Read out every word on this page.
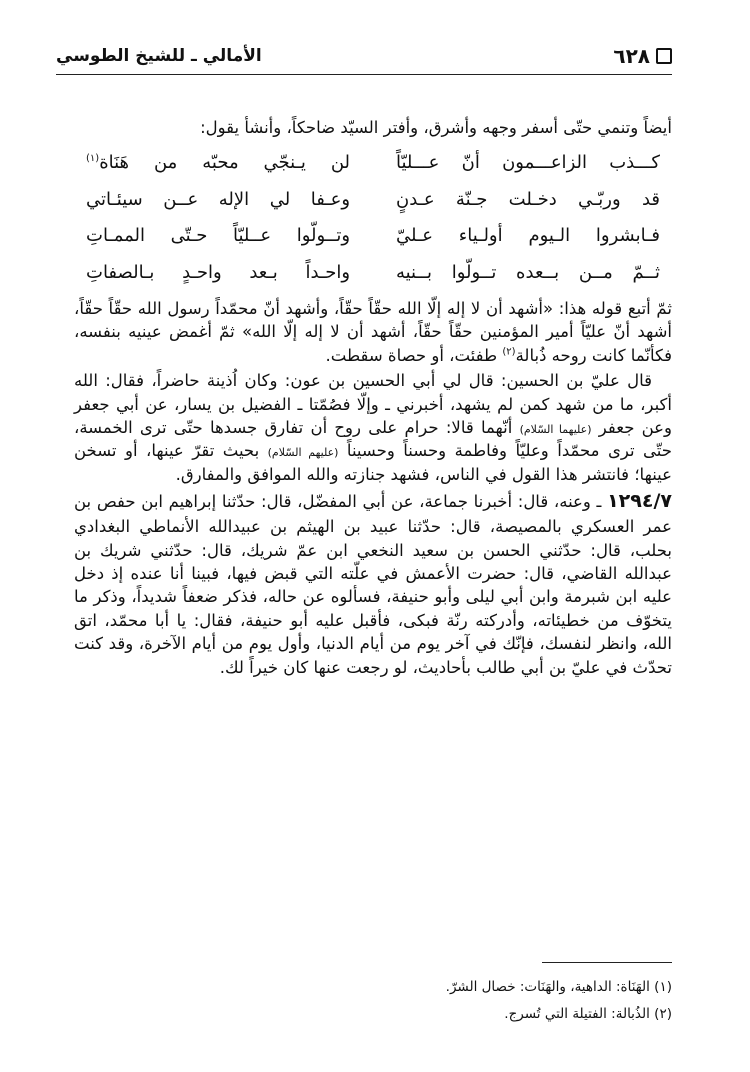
٦٢٨
الأمالي ـ للشيخ الطوسي

أيضاً وتنمي حتّى أسفر وجهه وأشرق، وأفتر السيّد ضاحكاً، وأنشأ يقول:

كـــذب الزاعـــمون أنّ عـــليّاً
لن يـنجّي محبّه من هَنَاة$^{(١)}$
قد وربّـي دخـلت جـنّة عـدنٍ
وعـفا لي الإله عــن سيئـاتي
فـابشروا الـيوم أولـياء عـليّ
وتــولّوا عــليّاً حـتّى الممـاتِ
ثــمّ مــن بــعده تــولّوا بــنيه
واحـداً بـعد واحـدٍ بـالصفاتِ

ثمّ أتبع قوله هذا: «أشهد أن لا إله إلّا الله حقّاً حقّاً، وأشهد أنّ محمّداً رسول الله حقّاً حقّاً، أشهد أنّ عليّاً أمير المؤمنين حقّاً حقّاً، أشهد أن لا إله إلّا الله» ثمّ أغمض عينيه بنفسه، فكأنّما كانت روحه ذُبالة$^{(٢)}$ طفئت، أو حصاة سقطت.

قال عليّ بن الحسين: قال لي أبي الحسين بن عون: وكان اُذينة حاضراً، فقال: الله أكبر، ما من شهد كمن لم يشهد، أخبرني ـ وإلّا فصُمّتا ـ الفضيل بن يسار، عن أبي جعفر وعن جعفر (عليهما السّلام) أنّهما قالا: حرام على روح أن تفارق جسدها حتّى ترى الخمسة، حتّى ترى محمّداً وعليّاً وفاطمة وحسناً وحسيناً (عليهم السّلام) بحيث تقرّ عينها، أو تسخن عينها؛ فانتشر هذا القول في الناس، فشهد جنازته والله الموافق والمفارق.

١٢٩٤/٧ ـ وعنه، قال: أخبرنا جماعة، عن أبي المفضّل، قال: حدّثنا إبراهيم ابن حفص بن عمر العسكري بالمصيصة، قال: حدّثنا عبيد بن الهيثم بن عبيدالله الأنماطي البغدادي بحلب، قال: حدّثني الحسن بن سعيد النخعي ابن عمّ شريك، قال: حدّثني شريك بن عبدالله القاضي، قال: حضرت الأعمش في علّته التي قبض فيها، فبينا أنا عنده إذ دخل عليه ابن شبرمة وابن أبي ليلى وأبو حنيفة، فسألوه عن حاله، فذكر ضعفاً شديداً، وذكر ما يتخوّف من خطيئاته، وأدركته رنّة فبكى، فأقبل عليه أبو حنيفة، فقال: يا أبا محمّد، اتق الله، وانظر لنفسك، فإنّك في آخر يوم من أيام الدنيا، وأول يوم من أيام الآخرة، وقد كنت تحدّث في عليّ بن أبي طالب بأحاديث، لو رجعت عنها كان خيراً لك.

(١) الهَنَاة: الداهية، والهَنَات: خصال الشرّ.
(٢) الذُبالة: الفتيلة التي تُسرج.
